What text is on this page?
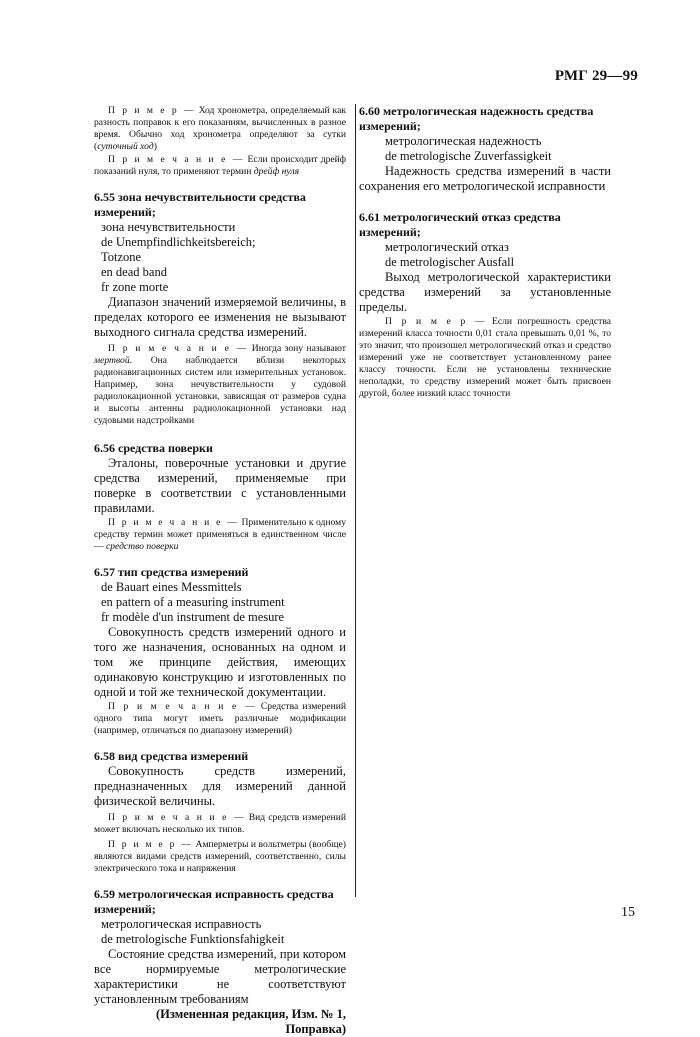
РМГ 29—99
П р и м е р — Ход хронометра, определяемый как разность поправок к его показаниям, вычисленных в разное время. Обычно ход хронометра определяют за сутки (суточный ход)
П р и м е ч а н и е — Если происходит дрейф показаний нуля, то применяют термин дрейф нуля
6.55 зона нечувствительности средства измерений;
зона нечувствительности
de Unempfindlichkeitsbereich;
Totzone
en dead band
fr zone morte
Диапазон значений измеряемой величины, в пределах которого ее изменения не вызывают выходного сигнала средства измерений.
П р и м е ч а н и е — Иногда зону называют мертвой. Она наблюдается вблизи некоторых радионавигационных систем или измерительных установок. Например, зона нечувствительности у судовой радиолокационной установки, зависящая от размеров судна и высоты антенны радиолокационной установки над судовыми надстройками
6.56 средства поверки
Эталоны, поверочные установки и другие средства измерений, применяемые при поверке в соответствии с установленными правилами.
П р и м е ч а н и е — Применительно к одному средству термин может применяться в единственном числе — средство поверки
6.57 тип средства измерений
de Bauart eines Messmittels
en pattern of a measuring instrument
fr modèle d'un instrument de mesure
Совокупность средств измерений одного и того же назначения, основанных на одном и том же принципе действия, имеющих одинаковую конструкцию и изготовленных по одной и той же технической документации.
П р и м е ч а н и е — Средства измерений одного типа могут иметь различные модификации (например, отличаться по диапазону измерений)
6.58 вид средства измерений
Совокупность средств измерений, предназначенных для измерений данной физической величины.
П р и м е ч а н и е — Вид средств измерений может включать несколько их типов.
П р и м е р — Амперметры и вольтметры (вообще) являются видами средств измерений, соответственно, силы электрического тока и напряжения
6.59 метрологическая исправность средства измерений;
метрологическая исправность
de metrologische Funktionsfahigkeit
Состояние средства измерений, при котором все нормируемые метрологические характеристики не соответствуют установленным требованиям
(Измененная редакция, Изм. № 1, Поправка)
6.60 метрологическая надежность средства измерений;
метрологическая надежность
de metrologische Zuverfassigkeit
Надежность средства измерений в части сохранения его метрологической исправности
6.61 метрологический отказ средства измерений;
метрологический отказ
de metrologischer Ausfall
Выход метрологической характеристики средства измерений за установленные пределы.
П р и м е р — Если погрешность средства измерений класса точности 0,01 стала превышать 0,01 %, то это значит, что произошел метрологический отказ и средство измерений уже не соответствует установленному ранее классу точности. Если не установлены технические неполадки, то средству измерений может быть присвоен другой, более низкий класс точности
15
